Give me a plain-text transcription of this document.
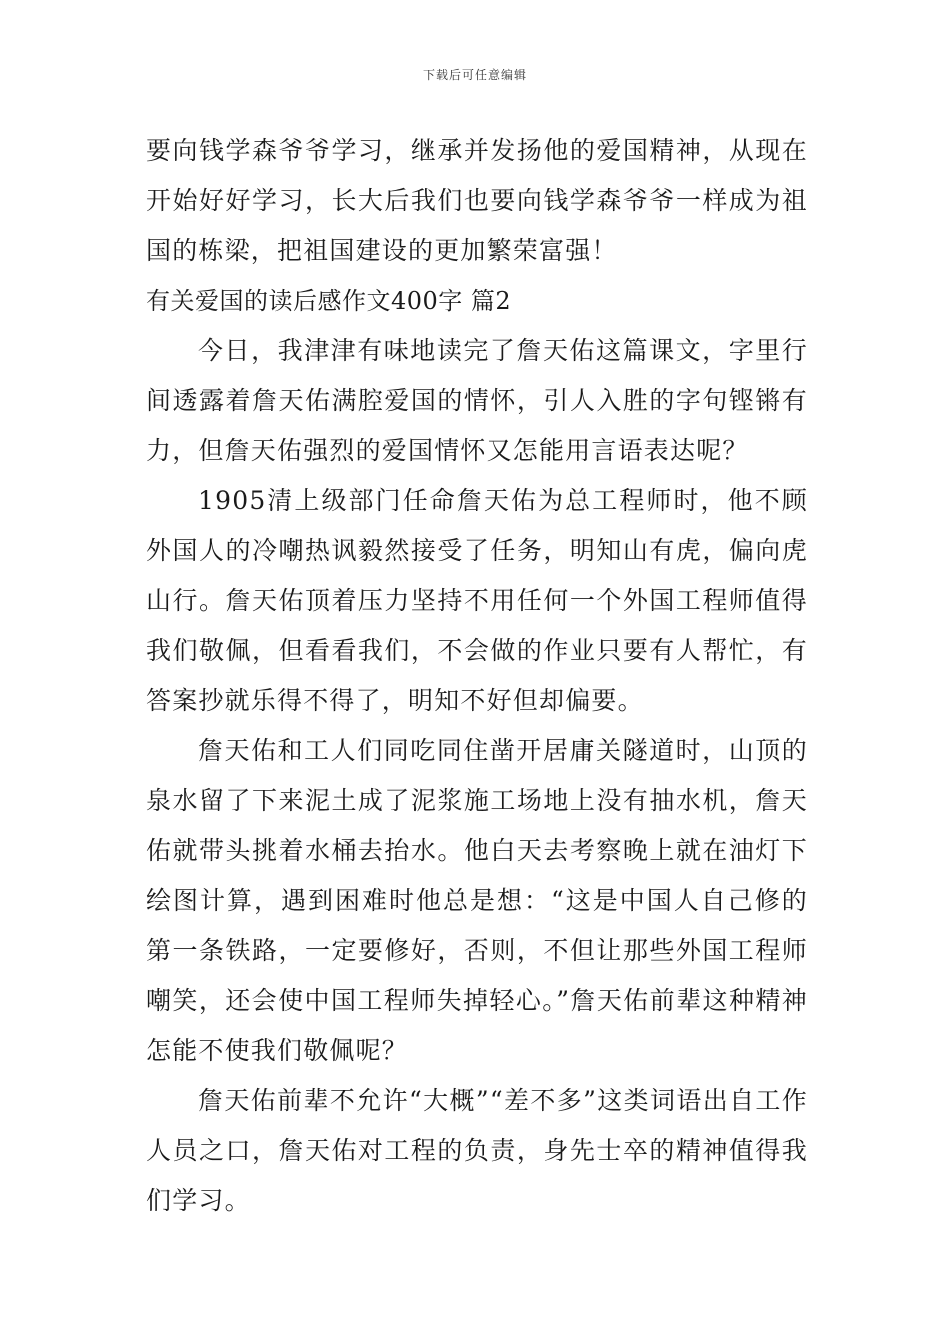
下载后可任意编辑

要向钱学森爷爷学习，继承并发扬他的爱国精神，从现在开始好好学习，长大后我们也要向钱学森爷爷一样成为祖国的栋梁，把祖国建设的更加繁荣富强！

有关爱国的读后感作文400字 篇2

今日，我津津有味地读完了詹天佑这篇课文，字里行间透露着詹天佑满腔爱国的情怀，引人入胜的字句铿锵有力，但詹天佑强烈的爱国情怀又怎能用言语表达呢？

1905清上级部门任命詹天佑为总工程师时，他不顾外国人的冷嘲热讽毅然接受了任务，明知山有虎，偏向虎山行。詹天佑顶着压力坚持不用任何一个外国工程师值得我们敬佩，但看看我们，不会做的作业只要有人帮忙，有答案抄就乐得不得了，明知不好但却偏要。

詹天佑和工人们同吃同住凿开居庸关隧道时，山顶的泉水留了下来泥土成了泥浆施工场地上没有抽水机，詹天佑就带头挑着水桶去抬水。他白天去考察晚上就在油灯下绘图计算，遇到困难时他总是想：“这是中国人自己修的第一条铁路，一定要修好，否则，不但让那些外国工程师嘲笑，还会使中国工程师失掉轻心。”詹天佑前辈这种精神怎能不使我们敬佩呢？

詹天佑前辈不允许“大概”“差不多”这类词语出自工作人员之口，詹天佑对工程的负责，身先士卒的精神值得我们学习。
